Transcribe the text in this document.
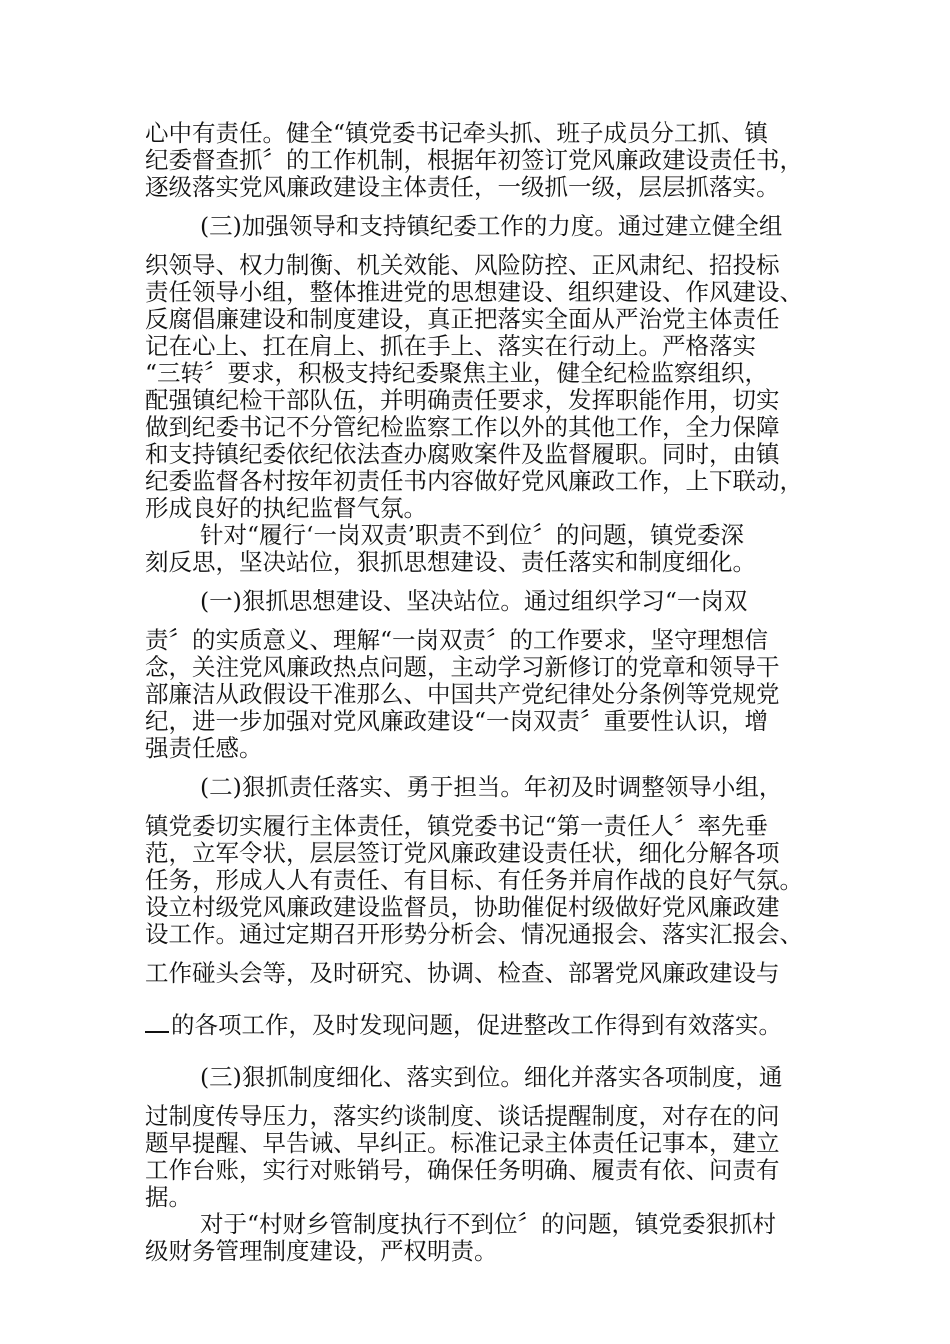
心中有责任。健全“镇党委书记牵头抓、班子成员分工抓、镇
纪委督查抓〞的工作机制，根据年初签订党风廉政建设责任书，
逐级落实党风廉政建设主体责任，一级抓一级，层层抓落实。
(三)加强领导和支持镇纪委工作的力度。通过建立健全组
织领导、权力制衡、机关效能、风险防控、正风肃纪、招投标
责任领导小组，整体推进党的思想建设、组织建设、作风建设、
反腐倡廉建设和制度建设，真正把落实全面从严治党主体责任
记在心上、扛在肩上、抓在手上、落实在行动上。严格落实
“三转〞要求，积极支持纪委聚焦主业，健全纪检监察组织，
配强镇纪检干部队伍，并明确责任要求，发挥职能作用，切实
做到纪委书记不分管纪检监察工作以外的其他工作，全力保障
和支持镇纪委依纪依法查办腐败案件及监督履职。同时，由镇
纪委监督各村按年初责任书内容做好党风廉政工作，上下联动，
形成良好的执纪监督气氛。
针对“履行‘一岗双责’职责不到位〞的问题，镇党委深
刻反思，坚决站位，狠抓思想建设、责任落实和制度细化。
(一)狠抓思想建设、坚决站位。通过组织学习“一岗双
责〞的实质意义、理解“一岗双责〞的工作要求，坚守理想信
念，关注党风廉政热点问题，主动学习新修订的党章和领导干
部廉洁从政假设干准那么、中国共产党纪律处分条例等党规党
纪，进一步加强对党风廉政建设“一岗双责〞重要性认识，增
强责任感。
(二)狠抓责任落实、勇于担当。年初及时调整领导小组，
镇党委切实履行主体责任，镇党委书记“第一责任人〞率先垂
范，立军令状，层层签订党风廉政建设责任状，细化分解各项
任务，形成人人有责任、有目标、有任务并肩作战的良好气氛。
设立村级党风廉政建设监督员，协助催促村级做好党风廉政建
设工作。通过定期召开形势分析会、情况通报会、落实汇报会、
工作碰头会等，及时研究、协调、检查、部署党风廉政建设与
的各项工作，及时发现问题，促进整改工作得到有效落实。
(三)狠抓制度细化、落实到位。细化并落实各项制度，通
过制度传导压力，落实约谈制度、谈话提醒制度，对存在的问
题早提醒、早告诫、早纠正。标准记录主体责任记事本，建立
工作台账，实行对账销号，确保任务明确、履责有依、问责有
据。
对于“村财乡管制度执行不到位〞的问题，镇党委狠抓村
级财务管理制度建设，严权明责。
